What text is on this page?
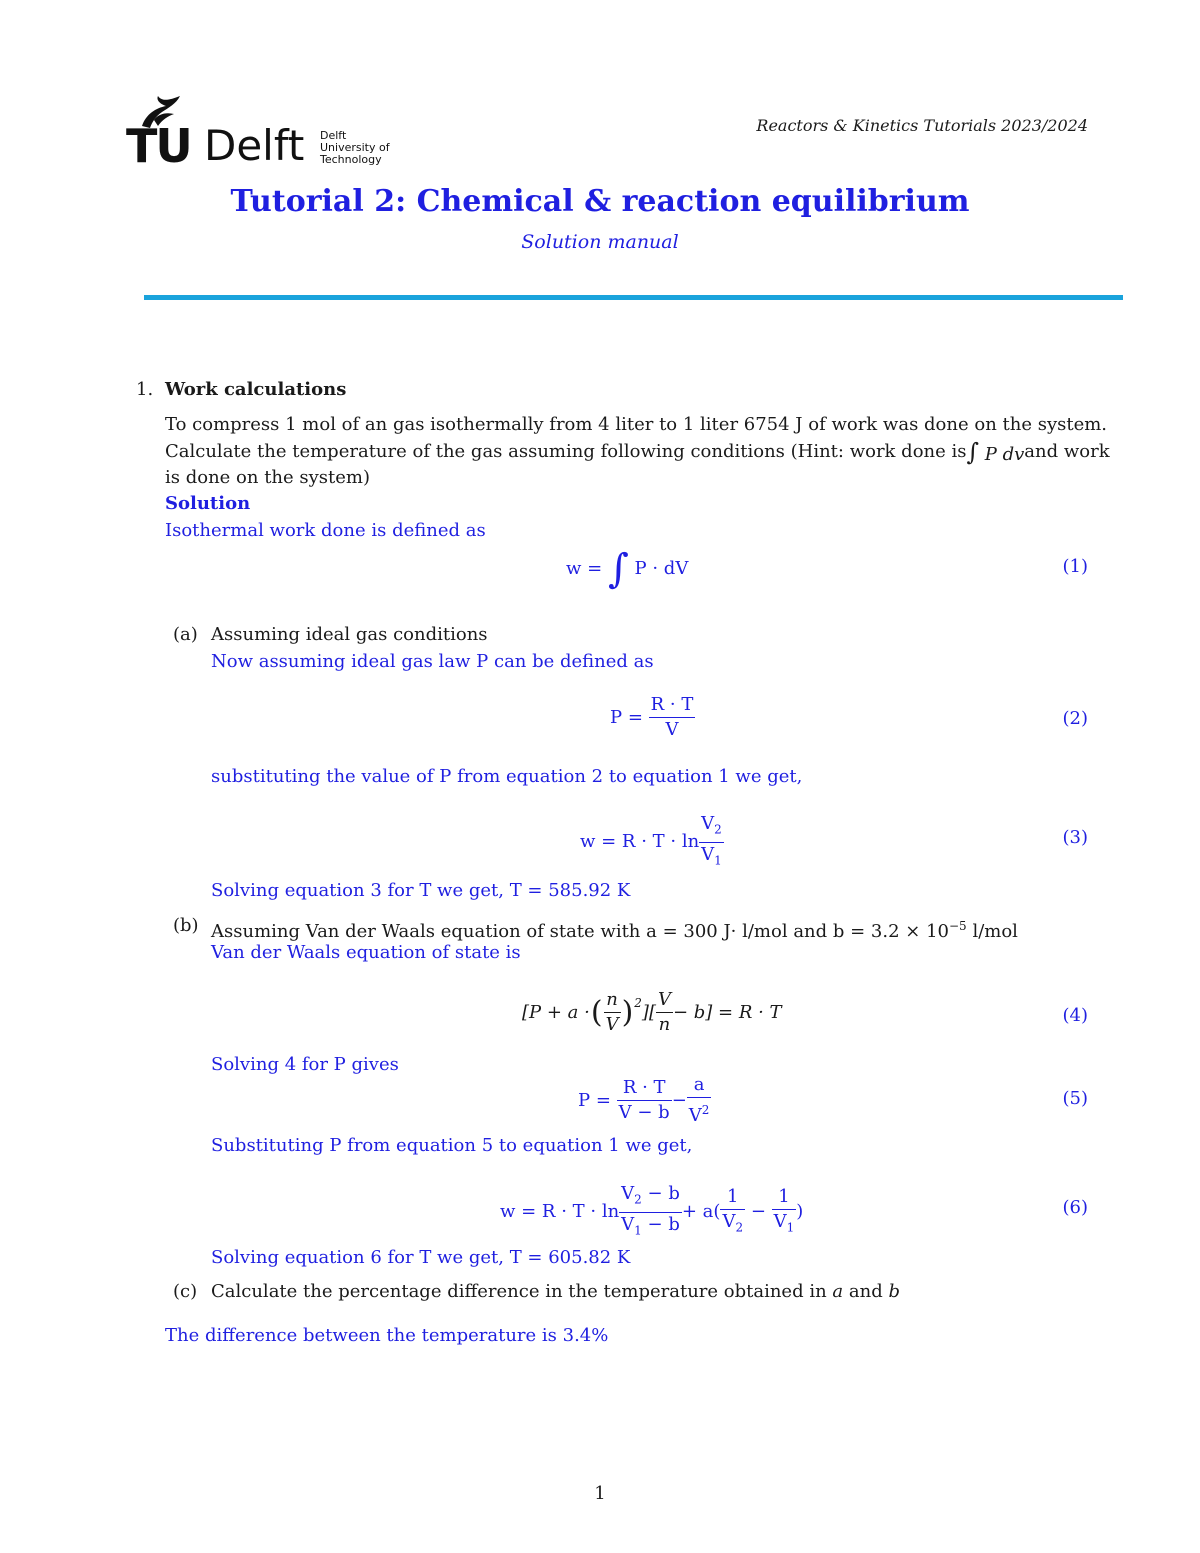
TU Delft Delft
University of
Technology
Reactors & Kinetics Tutorials 2023/2024
Tutorial 2: Chemical & reaction equilibrium
Solution manual
1. Work calculations
To compress 1 mol of an gas isothermally from 4 liter to 1 liter 6754 J of work was done on the system.
Calculate the temperature of the gas assuming following conditions (Hint: work done is ∫ P dv and work
is done on the system)
Solution
Isothermal work done is defined as
w =
∫
P · dV	(1)
(a) Assuming ideal gas conditions
Now assuming ideal gas law P can be defined as
P =
$\frac{R \cdot T}{V}$	(2)
substituting the value of P from equation 2 to equation 1 we get,
$w = R \cdot T \cdot \ln \frac{V_2}{V_1}$	(3)
Solving equation 3 for T we get, T = 585.92 K
(b) Assuming Van der Waals equation of state with a = 300 J· l/mol and $b = 3.2 \times 10^{-5}$ l/mol
Van der Waals equation of state is
[P + a · ( $\frac{n}{V} )^2$ ][ $\frac{V}{n} - b] = R \cdot T$	(4)
Solving 4 for P gives
P =
$\frac{R \cdot T}{V - b} - \frac{a}{V^2}$	(5)
Substituting P from equation 5 to equation 1 we get,
$w = R \cdot T \cdot \ln \frac{V_2 - b}{V_1 - b} + a( \frac{1}{V_2}$
−
$\frac{1}{V_1}$ )	(6)
Solving equation 6 for T we get, T = 605.82 K
(c) Calculate the percentage difference in the temperature obtained in a and b
The difference between the temperature is 3.4%
1
